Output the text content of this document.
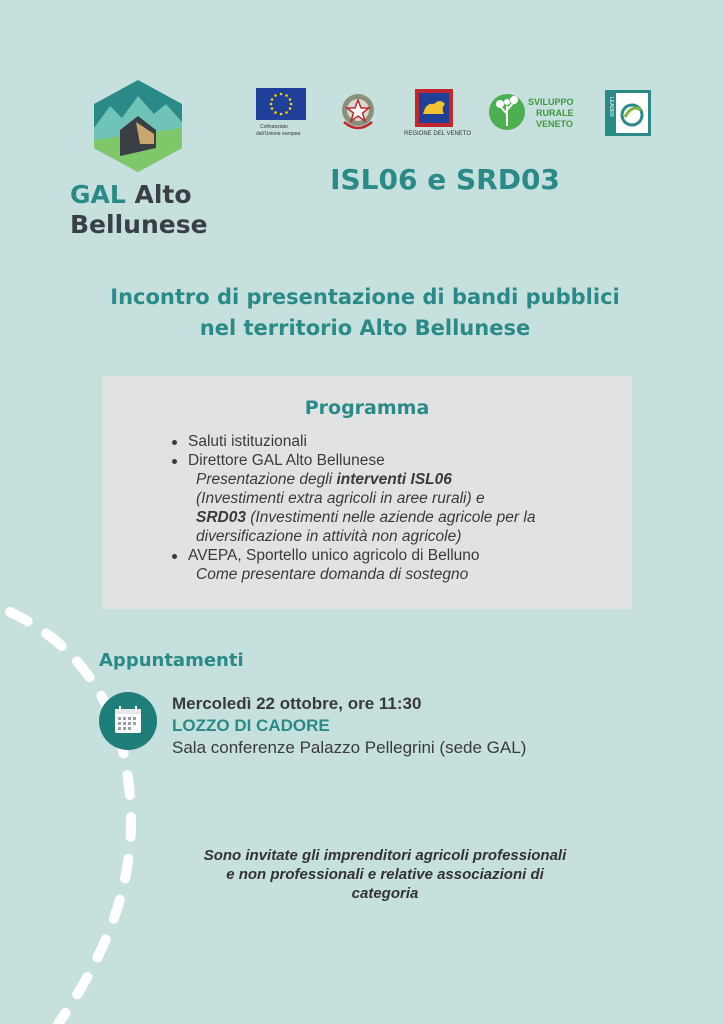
GAL Alto
Bellunese
Cofinanziato
dall'Unione europea	REGIONE DEL VENETO
SVILUPPO
RURALE
VENETO
LEADER
ISL06 e SRD03
Incontro di presentazione di bandi pubblici
nel territorio Alto Bellunese
Programma
Saluti istituzionali
Direttore GAL Alto Bellunese
Presentazione degli interventi ISL06
(Investimenti extra agricoli in aree rurali) e
SRD03 (Investimenti nelle aziende agricole per la
diversificazione in attività non agricole)
AVEPA, Sportello unico agricolo di Belluno
Come presentare domanda di sostegno
Appuntamenti
Mercoledì 22 ottobre, ore 11:30
LOZZO DI CADORE
Sala conferenze Palazzo Pellegrini (sede GAL)
Sono invitate gli imprenditori agricoli professionali
e non professionali e relative associazioni di
categoria
